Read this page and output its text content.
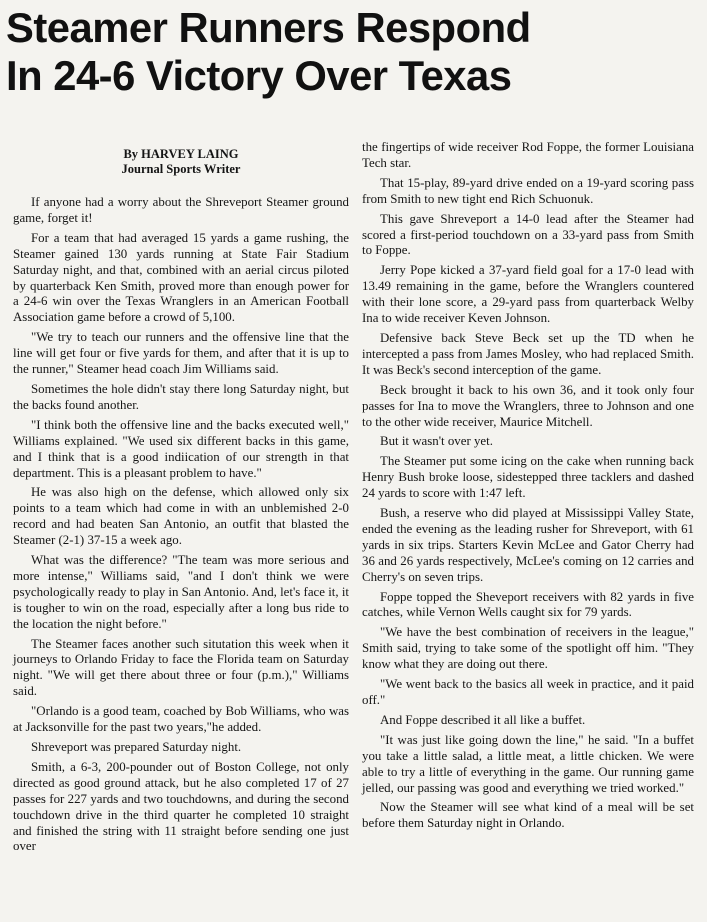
Steamer Runners Respond
In 24-6 Victory Over Texas
By HARVEY LAING
Journal Sports Writer

If anyone had a worry about the Shreveport Steamer ground game, forget it!

For a team that had averaged 15 yards a game rushing, the Steamer gained 130 yards running at State Fair Stadium Saturday night, and that, combined with an aerial circus piloted by quarterback Ken Smith, proved more than enough power for a 24-6 win over the Texas Wranglers in an American Football Association game before a crowd of 5,100.

"We try to teach our runners and the offensive line that the line will get four or five yards for them, and after that it is up to the runner," Steamer head coach Jim Williams said.

Sometimes the hole didn't stay there long Saturday night, but the backs found another.

"I think both the offensive line and the backs executed well," Williams explained. "We used six different backs in this game, and I think that is a good indiication of our strength in that department. This is a pleasant problem to have."

He was also high on the defense, which allowed only six points to a team which had come in with an unblemished 2-0 record and had beaten San Antonio, an outfit that blasted the Steamer (2-1) 37-15 a week ago.

What was the difference? "The team was more serious and more intense," Williams said, "and I don't think we were psychologically ready to play in San Antonio. And, let's face it, it is tougher to win on the road, especially after a long bus ride to the location the night before."

The Steamer faces another such situtation this week when it journeys to Orlando Friday to face the Florida team on Saturday night. "We will get there about three or four (p.m.)," Williams said.

"Orlando is a good team, coached by Bob Williams, who was at Jacksonville for the past two years,"he added.

Shreveport was prepared Saturday night.

Smith, a 6-3, 200-pounder out of Boston College, not only directed as good ground attack, but he also completed 17 of 27 passes for 227 yards and two touchdowns, and during the second touchdown drive in the third quarter he completed 10 straight and finished the string with 11 straight before sending one just over

the fingertips of wide receiver Rod Foppe, the former Louisiana Tech star.

That 15-play, 89-yard drive ended on a 19-yard scoring pass from Smith to new tight end Rich Schuonuk.

This gave Shreveport a 14-0 lead after the Steamer had scored a first-period touchdown on a 33-yard pass from Smith to Foppe.

Jerry Pope kicked a 37-yard field goal for a 17-0 lead with 13.49 remaining in the game, before the Wranglers countered with their lone score, a 29-yard pass from quarterback Welby Ina to wide receiver Keven Johnson.

Defensive back Steve Beck set up the TD when he intercepted a pass from James Mosley, who had replaced Smith. It was Beck's second interception of the game.

Beck brought it back to his own 36, and it took only four passes for Ina to move the Wranglers, three to Johnson and one to the other wide receiver, Maurice Mitchell.

But it wasn't over yet.

The Steamer put some icing on the cake when running back Henry Bush broke loose, sidestepped three tacklers and dashed 24 yards to score with 1:47 left.

Bush, a reserve who did played at Mississippi Valley State, ended the evening as the leading rusher for Shreveport, with 61 yards in six trips. Starters Kevin McLee and Gator Cherry had 36 and 26 yards respectively, McLee's coming on 12 carries and Cherry's on seven trips.

Foppe topped the Sheveport receivers with 82 yards in five catches, while Vernon Wells caught six for 79 yards.

"We have the best combination of receivers in the league," Smith said, trying to take some of the spotlight off him. "They know what they are doing out there.

"We went back to the basics all week in practice, and it paid off."

And Foppe described it all like a buffet.

"It was just like going down the line," he said. "In a buffet you take a little salad, a little meat, a little chicken. We were able to try a little of everything in the game. Our running game jelled, our passing was good and everything we tried worked."

Now the Steamer will see what kind of a meal will be set before them Saturday night in Orlando.
